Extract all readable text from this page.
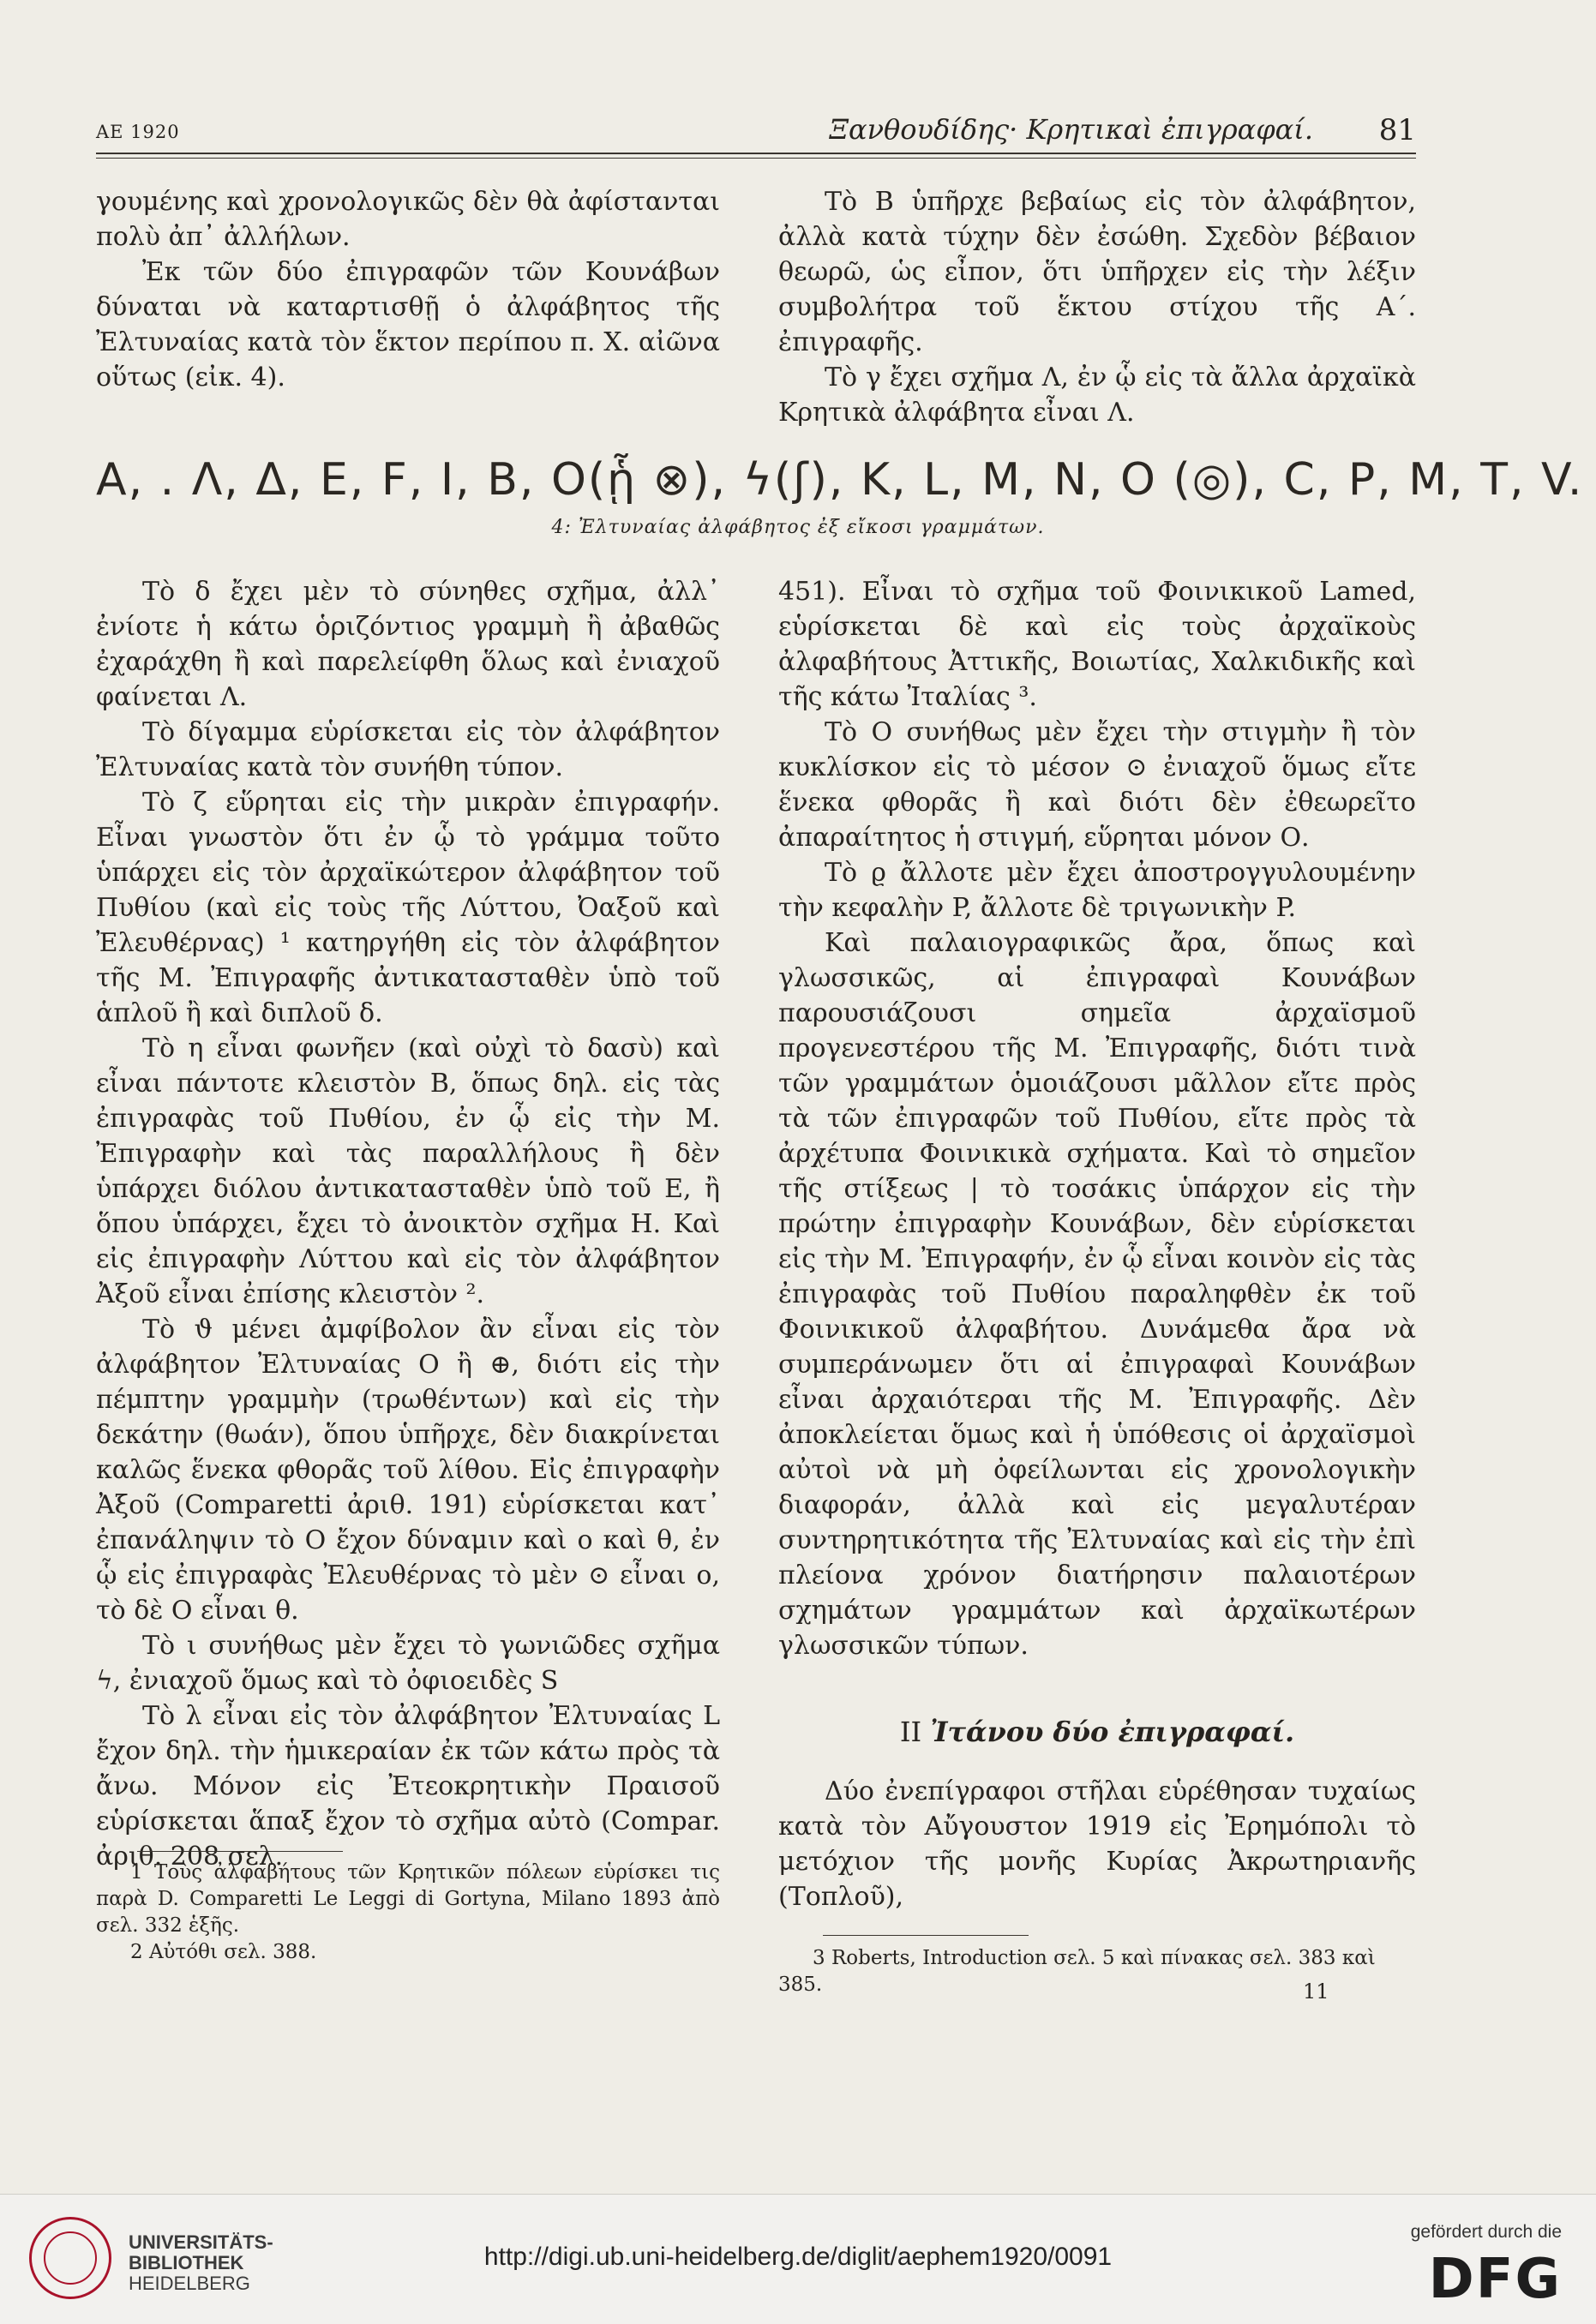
ΑΕ 1920	Ξανθουδίδης· Κρητικαὶ ἐπιγραφαί. 81

γουμένης καὶ χρονολογικῶς δὲν θὰ ἀφίστανται πολὺ ἀπ᾽ ἀλλήλων.

Ἐκ τῶν δύο ἐπιγραφῶν τῶν Κουνάβων δύναται νὰ καταρτισθῇ ὁ ἀλφάβητος τῆς Ἐλτυναίας κατὰ τὸν ἕκτον περίπου π. Χ. αἰῶνα οὕτως (εἰκ. 4).

Τὸ Β ὑπῆρχε βεβαίως εἰς τὸν ἀλφάβητον, ἀλλὰ κατὰ τύχην δὲν ἐσώθη. Σχεδὸν βέβαιον θεωρῶ, ὡς εἶπον, ὅτι ὑπῆρχεν εἰς τὴν λέξιν συμβολήτρα τοῦ ἕκτου στίχου τῆς Α΄. ἐπιγραφῆς.

Τὸ γ ἔχει σχῆμα Λ, ἐν ᾧ εἰς τὰ ἄλλα ἀρχαϊκὰ Κρητικὰ ἀλφάβητα εἶναι Λ.

A, . Λ, Δ, E, F, I, B, O(ᾗ ⊗), ϟ(ʃ), K, L, M, N, O (◎), C, P, M, T, V.
4: Ἐλτυναίας ἀλφάβητος ἐξ εἴκοσι γραμμάτων.

Τὸ δ ἔχει μὲν τὸ σύνηθες σχῆμα, ἀλλ᾽ ἐνίοτε ἡ κάτω ὁριζόντιος γραμμὴ ἢ ἀβαθῶς ἐχαράχθη ἢ καὶ παρελείφθη ὅλως καὶ ἐνιαχοῦ φαίνεται Λ.

Τὸ δίγαμμα εὑρίσκεται εἰς τὸν ἀλφάβητον Ἐλτυναίας κατὰ τὸν συνήθη τύπον.

Τὸ ζ εὕρηται εἰς τὴν μικρὰν ἐπιγραφήν. Εἶναι γνωστὸν ὅτι ἐν ᾧ τὸ γράμμα τοῦτο ὑπάρχει εἰς τὸν ἀρχαϊκώτερον ἀλφάβητον τοῦ Πυθίου (καὶ εἰς τοὺς τῆς Λύττου, Ὀαξοῦ καὶ Ἐλευθέρνας) ¹ κατηργήθη εἰς τὸν ἀλφάβητον τῆς Μ. Ἐπιγραφῆς ἀντικατασταθὲν ὑπὸ τοῦ ἁπλοῦ ἢ καὶ διπλοῦ δ.

Τὸ η εἶναι φωνῆεν (καὶ οὐχὶ τὸ δασὺ) καὶ εἶναι πάντοτε κλειστὸν Β, ὅπως δηλ. εἰς τὰς ἐπιγραφὰς τοῦ Πυθίου, ἐν ᾧ εἰς τὴν Μ. Ἐπιγραφὴν καὶ τὰς παραλλήλους ἢ δὲν ὑπάρχει διόλου ἀντικατασταθὲν ὑπὸ τοῦ Ε, ἢ ὅπου ὑπάρχει, ἔχει τὸ ἀνοικτὸν σχῆμα Η. Καὶ εἰς ἐπιγραφὴν Λύττου καὶ εἰς τὸν ἀλφάβητον Ἀξοῦ εἶναι ἐπίσης κλειστὸν ².

Τὸ ϑ μένει ἀμφίβολον ἂν εἶναι εἰς τὸν ἀλφάβητον Ἐλτυναίας Ο ἢ ⊕, διότι εἰς τὴν πέμπτην γραμμὴν (τρωθέντων) καὶ εἰς τὴν δεκάτην (θωάν), ὅπου ὑπῆρχε, δὲν διακρίνεται καλῶς ἕνεκα φθορᾶς τοῦ λίθου. Εἰς ἐπιγραφὴν Ἀξοῦ (Comparetti ἀριθ. 191) εὑρίσκεται κατ᾽ ἐπανάληψιν τὸ Ο ἔχον δύναμιν καὶ ο καὶ θ, ἐν ᾧ εἰς ἐπιγραφὰς Ἐλευθέρνας τὸ μὲν ⊙ εἶναι ο, τὸ δὲ Ο εἶναι θ.

Τὸ ι συνήθως μὲν ἔχει τὸ γωνιῶδες σχῆμα ϟ, ἐνιαχοῦ ὅμως καὶ τὸ ὀφιοειδὲς S

Τὸ λ εἶναι εἰς τὸν ἀλφάβητον Ἐλτυναίας L ἔχον δηλ. τὴν ἡμικεραίαν ἐκ τῶν κάτω πρὸς τὰ ἄνω. Μόνον εἰς Ἐτεοκρητικὴν Πραισοῦ εὑρίσκεται ἅπαξ ἔχον τὸ σχῆμα αὐτὸ (Compar. ἀριθ. 208 σελ.

451). Εἶναι τὸ σχῆμα τοῦ Φοινικικοῦ Lamed, εὑρίσκεται δὲ καὶ εἰς τοὺς ἀρχαϊκοὺς ἀλφαβήτους Ἀττικῆς, Βοιωτίας, Χαλκιδικῆς καὶ τῆς κάτω Ἰταλίας ³.

Τὸ Ο συνήθως μὲν ἔχει τὴν στιγμὴν ἢ τὸν κυκλίσκον εἰς τὸ μέσον ⊙ ἐνιαχοῦ ὅμως εἴτε ἕνεκα φθορᾶς ἢ καὶ διότι δὲν ἐθεωρεῖτο ἀπαραίτητος ἡ στιγμή, εὕρηται μόνον Ο.

Τὸ ϱ ἄλλοτε μὲν ἔχει ἀποστρογγυλουμένην τὴν κεφαλὴν P, ἄλλοτε δὲ τριγωνικὴν P.

Καὶ παλαιογραφικῶς ἄρα, ὅπως καὶ γλωσσικῶς, αἱ ἐπιγραφαὶ Κουνάβων παρουσιάζουσι σημεῖα ἀρχαϊσμοῦ προγενεστέρου τῆς Μ. Ἐπιγραφῆς, διότι τινὰ τῶν γραμμάτων ὁμοιάζουσι μᾶλλον εἴτε πρὸς τὰ τῶν ἐπιγραφῶν τοῦ Πυθίου, εἴτε πρὸς τὰ ἀρχέτυπα Φοινικικὰ σχήματα. Καὶ τὸ σημεῖον τῆς στίξεως | τὸ τοσάκις ὑπάρχον εἰς τὴν πρώτην ἐπιγραφὴν Κουνάβων, δὲν εὑρίσκεται εἰς τὴν Μ. Ἐπιγραφήν, ἐν ᾧ εἶναι κοινὸν εἰς τὰς ἐπιγραφὰς τοῦ Πυθίου παραληφθὲν ἐκ τοῦ Φοινικικοῦ ἀλφαβήτου. Δυνάμεθα ἄρα νὰ συμπεράνωμεν ὅτι αἱ ἐπιγραφαὶ Κουνάβων εἶναι ἀρχαιότεραι τῆς Μ. Ἐπιγραφῆς. Δὲν ἀποκλείεται ὅμως καὶ ἡ ὑπόθεσις οἱ ἀρχαϊσμοὶ αὐτοὶ νὰ μὴ ὀφείλωνται εἰς χρονολογικὴν διαφοράν, ἀλλὰ καὶ εἰς μεγαλυτέραν συντηρητικότητα τῆς Ἐλτυναίας καὶ εἰς τὴν ἐπὶ πλείονα χρόνον διατήρησιν παλαιοτέρων σχημάτων γραμμάτων καὶ ἀρχαϊκωτέρων γλωσσικῶν τύπων.

II Ἰτάνου δύο ἐπιγραφαί.

Δύο ἐνεπίγραφοι στῆλαι εὑρέθησαν τυχαίως κατὰ τὸν Αὔγουστον 1919 εἰς Ἐρημόπολι τὸ μετόχιον τῆς μονῆς Κυρίας Ἀκρωτηριανῆς (Τοπλοῦ),

1 Τοὺς ἀλφαβήτους τῶν Κρητικῶν πόλεων εὑρίσκει τις παρὰ D. Comparetti Le Leggi di Gortyna, Milano 1893 ἀπὸ σελ. 332 ἑξῆς.

2 Αὐτόθι σελ. 388.	3 Roberts, Introduction σελ. 5 καὶ πίνακας σελ. 383 καὶ 385.	11
UNIVERSITÄTS-
BIBLIOTHEK
HEIDELBERG
http://digi.ub.uni-heidelberg.de/diglit/aephem1920/0091
gefördert durch die
DFG
